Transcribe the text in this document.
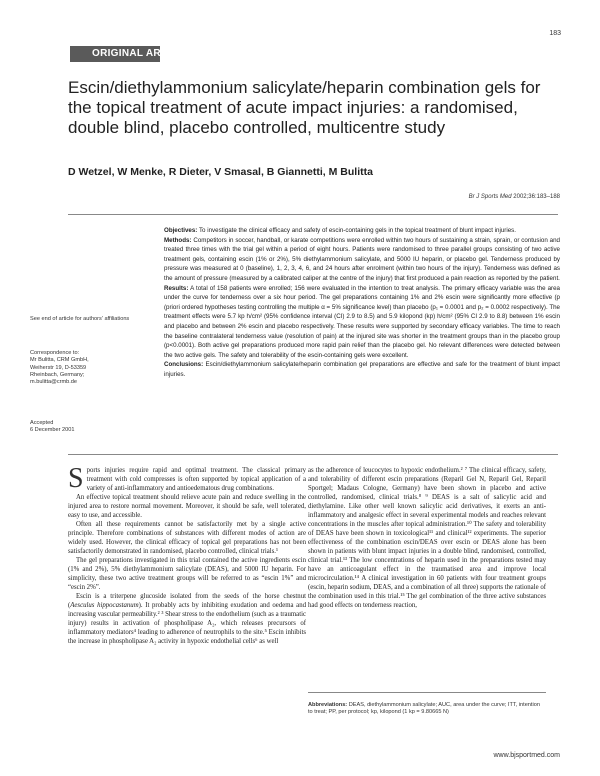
183
ORIGINAL ARTICLE
Escin/diethylammonium salicylate/heparin combination gels for the topical treatment of acute impact injuries: a randomised, double blind, placebo controlled, multicentre study
D Wetzel, W Menke, R Dieter, V Smasal, B Giannetti, M Bulitta
Br J Sports Med 2002;36:183–188

Objectives: To investigate the clinical efficacy and safety of escin-containing gels in the topical treatment of blunt impact injuries.

Methods: Competitors in soccer, handball, or karate competitions were enrolled within two hours of sustaining a strain, sprain, or contusion and treated three times with the trial gel within a period of eight hours. Patients were randomised to three parallel groups consisting of two active treatment gels, containing escin (1% or 2%), 5% diethylammonium salicylate, and 5000 IU heparin, or placebo gel. Tenderness produced by pressure was measured at 0 (baseline), 1, 2, 3, 4, 6, and 24 hours after enrolment (within two hours of the injury). Tenderness was defined as the amount of pressure (measured by a calibrated caliper at the centre of the injury) that first produced a pain reaction as reported by the patient.

Results: A total of 158 patients were enrolled; 156 were evaluated in the intention to treat analysis. The primary efficacy variable was the area under the curve for tenderness over a six hour period. The gel preparations containing 1% and 2% escin were significantly more effective (p (priori ordered hypotheses testing controlling the multiple α = 5% significance level) than placebo (p₁ = 0.0001 and p₂ = 0.0002 respectively). The treatment effects were 5.7 kp h/cm² (95% confidence interval (CI) 2.9 to 8.5) and 5.9 kilopond (kp) h/cm² (95% CI 2.9 to 8.8) between 1% escin and placebo and between 2% escin and placebo respectively. These results were supported by secondary efficacy variables. The time to reach the baseline contralateral tenderness value (resolution of pain) at the injured site was shorter in the treatment groups than in the placebo group (p<0.0001). Both active gel preparations produced more rapid pain relief than the placebo gel. No relevant differences were detected between the two active gels. The safety and tolerability of the escin-containing gels were excellent.

Conclusions: Escin/diethylammonium salicylate/heparin combination gel preparations are effective and safe for the treatment of blunt impact injuries.

See end of article for authors' affiliations
Correspondence to:
Mr Bulitta, CRM GmbH,
Weiherstr 19, D-53359
Rheinbach, Germany;
m.bulitta@crmb.de
Accepted
6 December 2001

Sports injuries require rapid and optimal treatment. The classical primary treatment with cold compresses is often supported by topical application of a variety of anti-inflammatory and antioedematous drug combinations.

An effective topical treatment should relieve acute pain and reduce swelling in the injured area to restore normal movement. Moreover, it should be safe, well tolerated, easy to use, and accessible.

Often all these requirements cannot be satisfactorily met by a single active principle. Therefore combinations of substances with different modes of action are widely used. However, the clinical efficacy of topical gel preparations has not been satisfactorily demonstrated in randomised, placebo controlled, clinical trials.¹

The gel preparations investigated in this trial contained the active ingredients escin (1% and 2%), 5% diethylammonium salicylate (DEAS), and 5000 IU heparin. For simplicity, these two active treatment groups will be referred to as “escin 1%” and “escin 2%”.

Escin is a triterpene glucoside isolated from the seeds of the horse chestnut (Aesculus hippocastanum). It probably acts by inhibiting exudation and oedema and increasing vascular permeability.² ³ Shear stress to the endothelium (such as a traumatic injury) results in activation of phospholipase A₂, which releases precursors of inflammatory mediators⁴ leading to adherence of neutrophils to the site.⁵ Escin inhibits the increase in phospholipase A₂ activity in hypoxic endothelial cells⁶ as well

as the adherence of leucocytes to hypoxic endothelium.² ⁷ The clinical efficacy, safety, and tolerability of different escin preparations (Reparil Gel N, Reparil Gel, Reparil Sportgel; Madaus Cologne, Germany) have been shown in placebo and active controlled, randomised, clinical trials.⁸ ⁹ DEAS is a salt of salicylic acid and diethylamine. Like other well known salicylic acid derivatives, it exerts an anti-inflammatory and analgesic effect in several experimental models and reaches relevant concentrations in the muscles after topical administration.¹⁰ The safety and tolerability of DEAS have been shown in toxicological¹¹ and clinical¹² experiments. The superior effectiveness of the combination escin/DEAS over escin or DEAS alone has been shown in patients with blunt impact injuries in a double blind, randomised, controlled, clinical trial.¹³ The low concentrations of heparin used in the preparations tested may have an anticoagulant effect in the traumatised area and improve local microcirculation.¹⁴ A clinical investigation in 60 patients with four treatment groups (escin, heparin sodium, DEAS, and a combination of all three) supports the rationale of the combination used in this trial.¹⁵ The gel combination of the three active substances had good effects on tenderness reaction,

Abbreviations: DEAS, diethylammonium salicylate; AUC, area under the curve; ITT, intention to treat; PP, per protocol; kp, kilopond (1 kp = 9.80665 N)
www.bjsportmed.com
